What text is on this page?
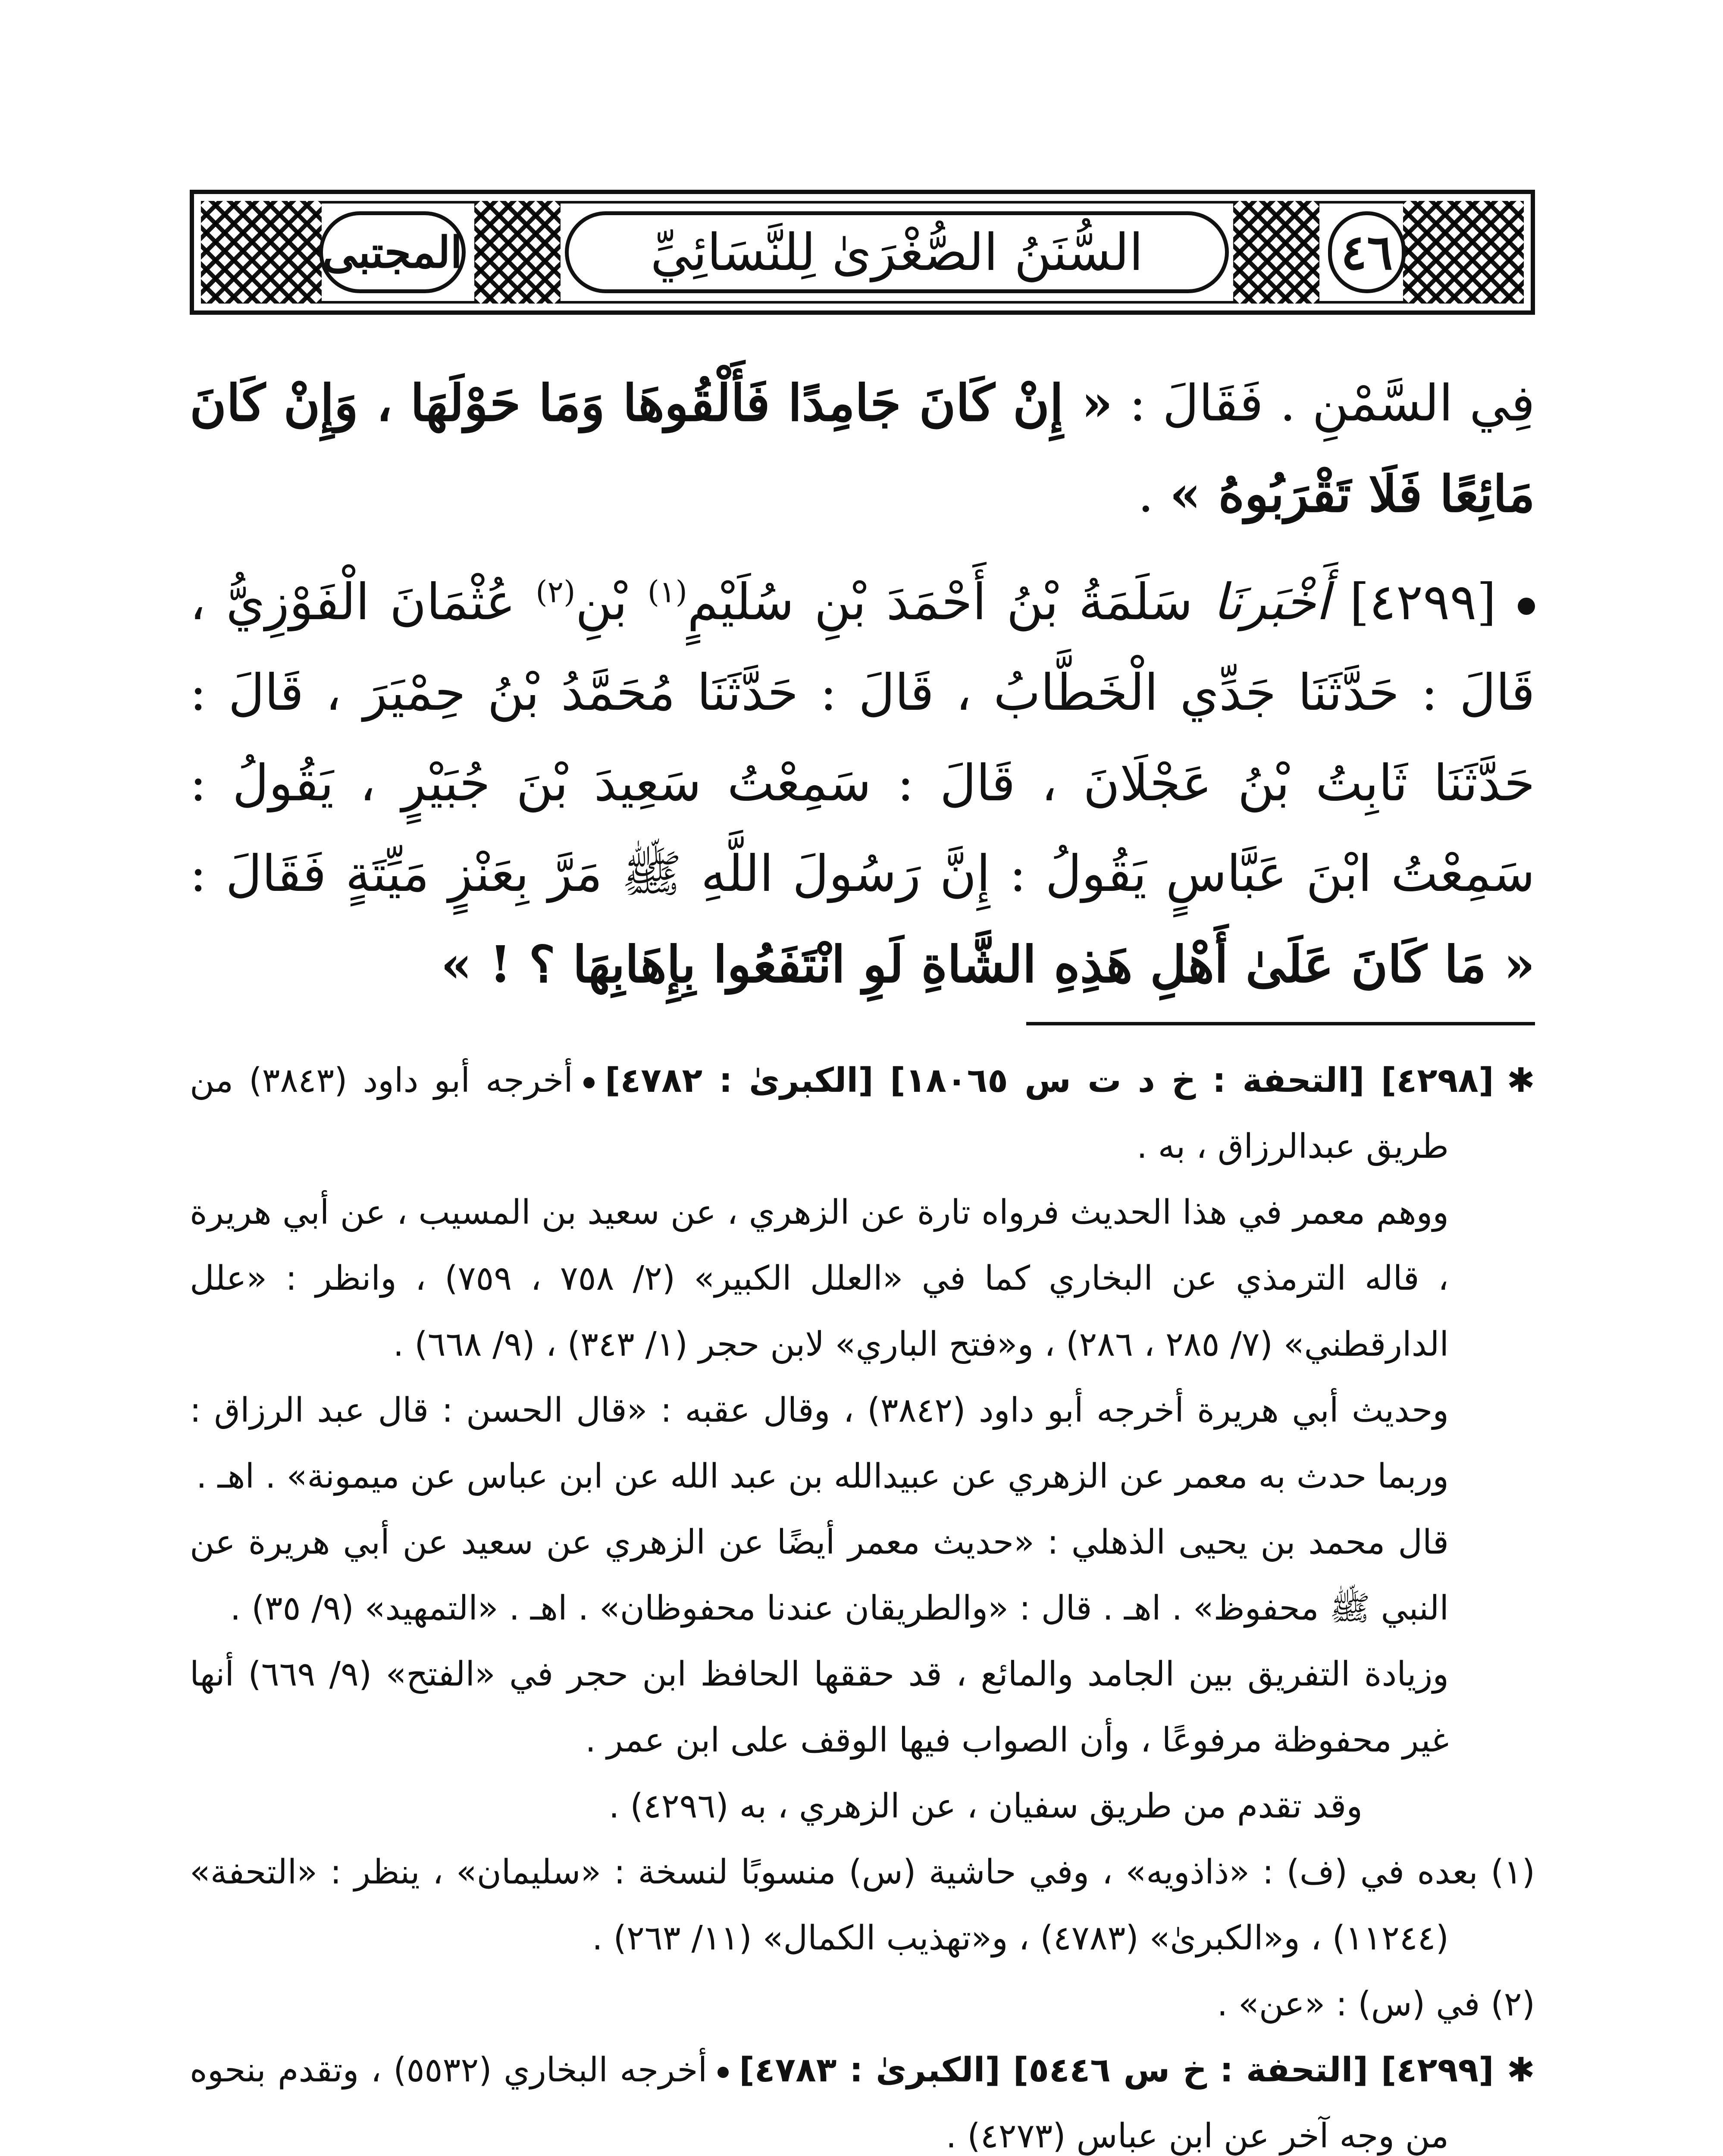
المجتبى	السُّنَنُ الصُّغْرَىٰ لِلنَّسَائِيِّ	٤٦

فِي السَّمْنِ . فَقَالَ : « إِنْ كَانَ جَامِدًا فَأَلْقُوهَا وَمَا حَوْلَهَا ، وَإِنْ كَانَ مَائِعًا فَلَا تَقْرَبُوهُ » .

[٤٢٩٩] أَخْبَرنَا سَلَمَةُ بْنُ أَحْمَدَ بْنِ سُلَيْمٍ$^{(١)}$ بْنِ$^{(٢)}$ عُثْمَانَ الْفَوْزِيُّ ، قَالَ : حَدَّثَنَا جَدِّي الْخَطَّابُ ، قَالَ : حَدَّثَنَا مُحَمَّدُ بْنُ حِمْيَرَ ، قَالَ : حَدَّثَنَا ثَابِتُ بْنُ عَجْلَانَ ، قَالَ : سَمِعْتُ سَعِيدَ بْنَ جُبَيْرٍ ، يَقُولُ : سَمِعْتُ ابْنَ عَبَّاسٍ يَقُولُ : إِنَّ رَسُولَ اللَّهِ ﷺ مَرَّ بِعَنْزٍ مَيِّتَةٍ فَقَالَ : « مَا كَانَ عَلَىٰ أَهْلِ هَذِهِ الشَّاةِ لَوِ انْتَفَعُوا بِإِهَابِهَا ؟ ! »

✱[٤٢٩٨] [التحفة : خ د ت س ١٨٠٦٥] [الكبرىٰ : ٤٧٨٢]أخرجه أبو داود (٣٨٤٣) من طريق عبدالرزاق ، به .

ووهم معمر في هذا الحديث فرواه تارة عن الزهري ، عن سعيد بن المسيب ، عن أبي هريرة ، قاله الترمذي عن البخاري كما في «العلل الكبير» (٢/ ٧٥٨ ، ٧٥٩) ، وانظر : «علل الدارقطني» (٧/ ٢٨٥ ، ٢٨٦) ، و«فتح الباري» لابن حجر (١/ ٣٤٣) ، (٩/ ٦٦٨) .

وحديث أبي هريرة أخرجه أبو داود (٣٨٤٢) ، وقال عقبه : «قال الحسن : قال عبد الرزاق : وربما حدث به معمر عن الزهري عن عبيدالله بن عبد الله عن ابن عباس عن ميمونة» . اهـ .

قال محمد بن يحيى الذهلي : «حديث معمر أيضًا عن الزهري عن سعيد عن أبي هريرة عن النبي ﷺ محفوظ» . اهـ . قال : «والطريقان عندنا محفوظان» . اهـ . «التمهيد» (٩/ ٣٥) .

وزيادة التفريق بين الجامد والمائع ، قد حققها الحافظ ابن حجر في «الفتح» (٩/ ٦٦٩) أنها غير محفوظة مرفوعًا ، وأن الصواب فيها الوقف على ابن عمر .

وقد تقدم من طريق سفيان ، عن الزهري ، به (٤٢٩٦) .

(١) بعده في (ف) : «ذاذويه» ، وفي حاشية (س) منسوبًا لنسخة : «سليمان» ، ينظر : «التحفة» (١١٢٤٤) ، و«الكبرىٰ» (٤٧٨٣) ، و«تهذيب الكمال» (١١/ ٢٦٣) .

(٢) في (س) : «عن» .

✱[٤٢٩٩] [التحفة : خ س ٥٤٤٦] [الكبرىٰ : ٤٧٨٣]أخرجه البخاري (٥٥٣٢) ، وتقدم بنحوه من وجه آخر عن ابن عباس (٤٢٧٣) .
